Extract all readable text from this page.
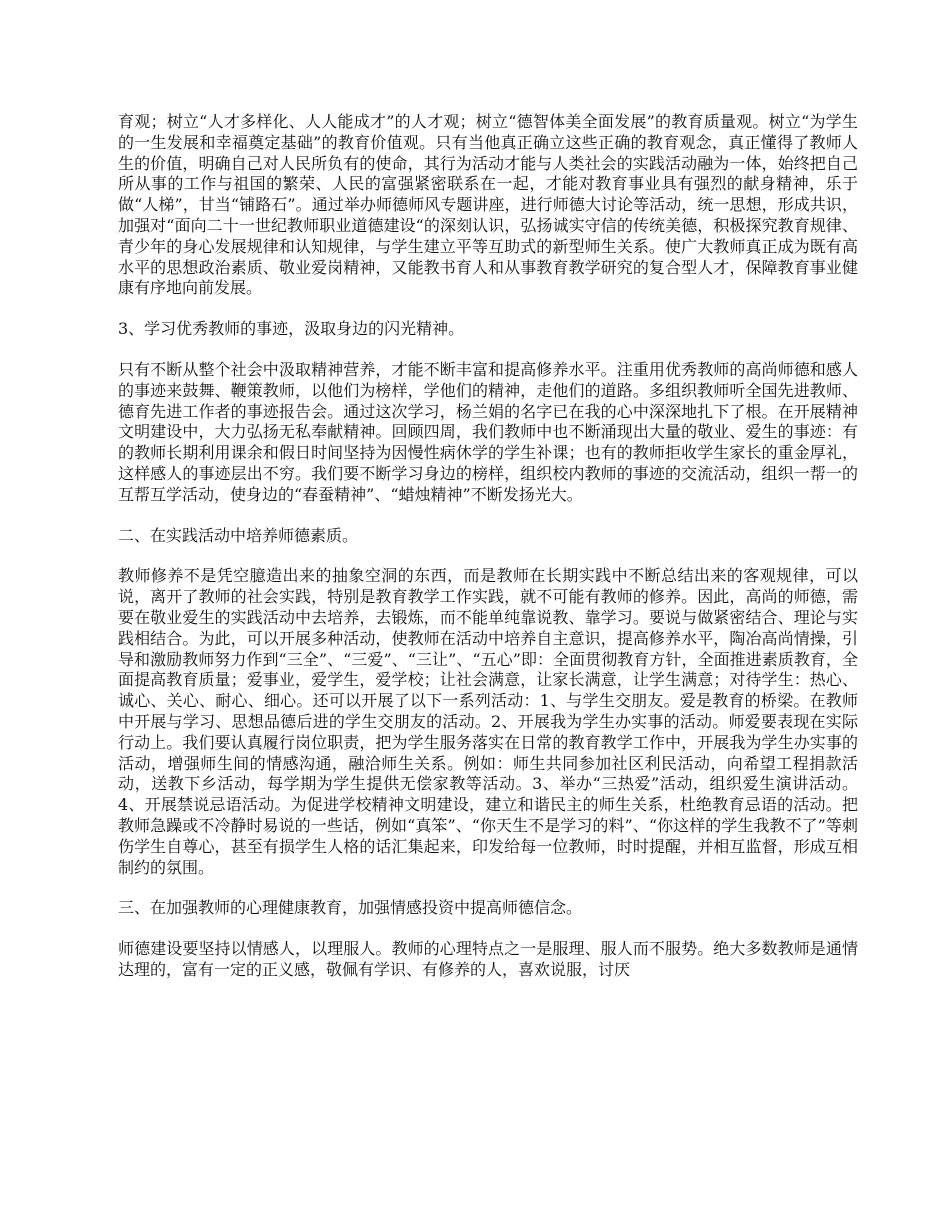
育观；树立“人才多样化、人人能成才”的人才观；树立“德智体美全面发展”的教育质量观。树立“为学生的一生发展和幸福奠定基础”的教育价值观。只有当他真正确立这些正确的教育观念，真正懂得了教师人生的价值，明确自己对人民所负有的使命，其行为活动才能与人类社会的实践活动融为一体，始终把自己所从事的工作与祖国的繁荣、人民的富强紧密联系在一起，才能对教育事业具有强烈的献身精神，乐于做“人梯”，甘当“铺路石”。通过举办师德师风专题讲座，进行师德大讨论等活动，统一思想，形成共识，加强对“面向二十一世纪教师职业道德建设“的深刻认识，弘扬诚实守信的传统美德，积极探究教育规律、青少年的身心发展规律和认知规律，与学生建立平等互助式的新型师生关系。使广大教师真正成为既有高水平的思想政治素质、敬业爱岗精神，又能教书育人和从事教育教学研究的复合型人才，保障教育事业健康有序地向前发展。

3、学习优秀教师的事迹，汲取身边的闪光精神。

只有不断从整个社会中汲取精神营养，才能不断丰富和提高修养水平。注重用优秀教师的高尚师德和感人的事迹来鼓舞、鞭策教师，以他们为榜样，学他们的精神，走他们的道路。多组织教师听全国先进教师、德育先进工作者的事迹报告会。通过这次学习，杨兰娟的名字已在我的心中深深地扎下了根。在开展精神文明建设中，大力弘扬无私奉献精神。回顾四周，我们教师中也不断涌现出大量的敬业、爱生的事迹：有的教师长期利用课余和假日时间坚持为因慢性病休学的学生补课；也有的教师拒收学生家长的重金厚礼，这样感人的事迹层出不穷。我们要不断学习身边的榜样，组织校内教师的事迹的交流活动，组织一帮一的互帮互学活动，使身边的“春蚕精神”、“蜡烛精神”不断发扬光大。

二、在实践活动中培养师德素质。

教师修养不是凭空臆造出来的抽象空洞的东西，而是教师在长期实践中不断总结出来的客观规律，可以说，离开了教师的社会实践，特别是教育教学工作实践，就不可能有教师的修养。因此，高尚的师德，需要在敬业爱生的实践活动中去培养，去锻炼，而不能单纯靠说教、靠学习。要说与做紧密结合、理论与实践相结合。为此，可以开展多种活动，使教师在活动中培养自主意识，提高修养水平，陶冶高尚情操，引导和激励教师努力作到“三全”、“三爱”、“三让”、“五心”即：全面贯彻教育方针，全面推进素质教育，全面提高教育质量；爱事业，爱学生，爱学校；让社会满意，让家长满意，让学生满意；对待学生：热心、诚心、关心、耐心、细心。还可以开展了以下一系列活动：1、与学生交朋友。爱是教育的桥梁。在教师中开展与学习、思想品德后进的学生交朋友的活动。2、开展我为学生办实事的活动。师爱要表现在实际行动上。我们要认真履行岗位职责，把为学生服务落实在日常的教育教学工作中，开展我为学生办实事的活动，增强师生间的情感沟通，融洽师生关系。例如：师生共同参加社区利民活动，向希望工程捐款活动，送教下乡活动，每学期为学生提供无偿家教等活动。3、举办“三热爱”活动，组织爱生演讲活动。4、开展禁说忌语活动。为促进学校精神文明建设，建立和谐民主的师生关系，杜绝教育忌语的活动。把教师急躁或不冷静时易说的一些话，例如“真笨”、“你天生不是学习的料”、“你这样的学生我教不了”等刺伤学生自尊心，甚至有损学生人格的话汇集起来，印发给每一位教师，时时提醒，并相互监督，形成互相制约的氛围。

三、在加强教师的心理健康教育，加强情感投资中提高师德信念。

师德建设要坚持以情感人，以理服人。教师的心理特点之一是服理、服人而不服势。绝大多数教师是通情达理的，富有一定的正义感，敬佩有学识、有修养的人，喜欢说服，讨厌
